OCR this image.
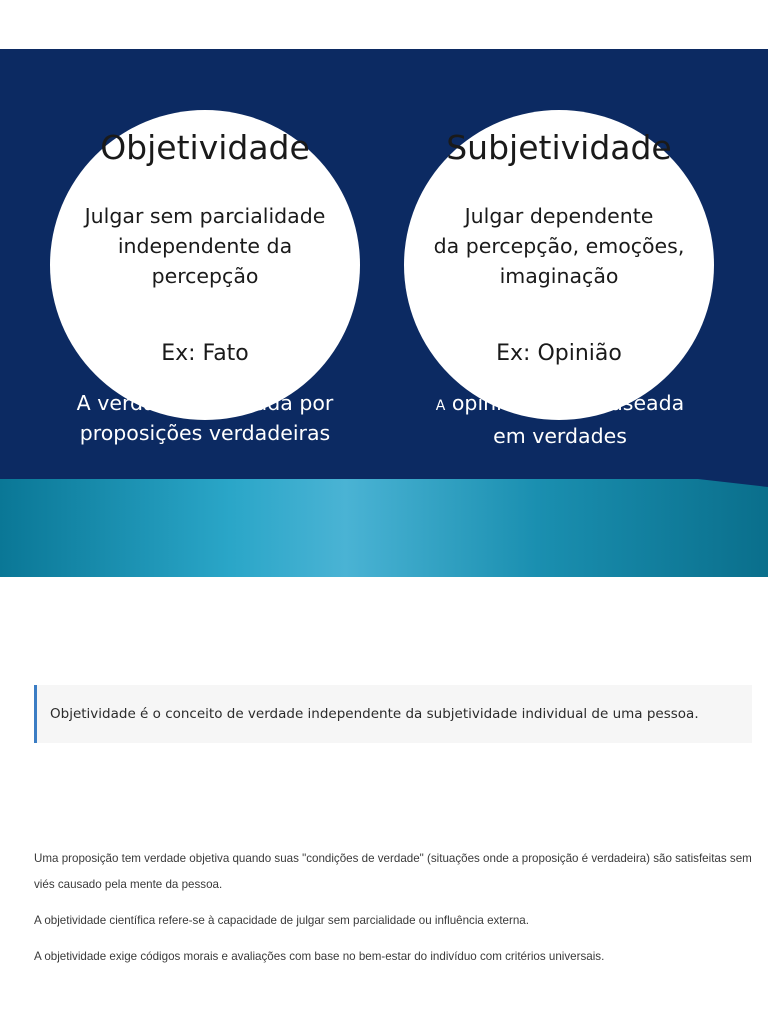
Objetividade
Julgar sem parcialidade
independente da
percepção
Ex: Fato
Subjetividade
Julgar dependente
da percepção, emoções,
imaginação
Ex: Opinião
A verdade é formada por
proposições verdadeiras
A opinião não é baseada
em verdades
Objetividade é o conceito de verdade independente da subjetividade individual de uma pessoa.

Uma proposição tem verdade objetiva quando suas "condições de verdade" (situações onde a proposição é verdadeira) são satisfeitas sem viés causado pela mente da pessoa.

A objetividade científica refere-se à capacidade de julgar sem parcialidade ou influência externa.

A objetividade exige códigos morais e avaliações com base no bem-estar do indivíduo com critérios universais.
